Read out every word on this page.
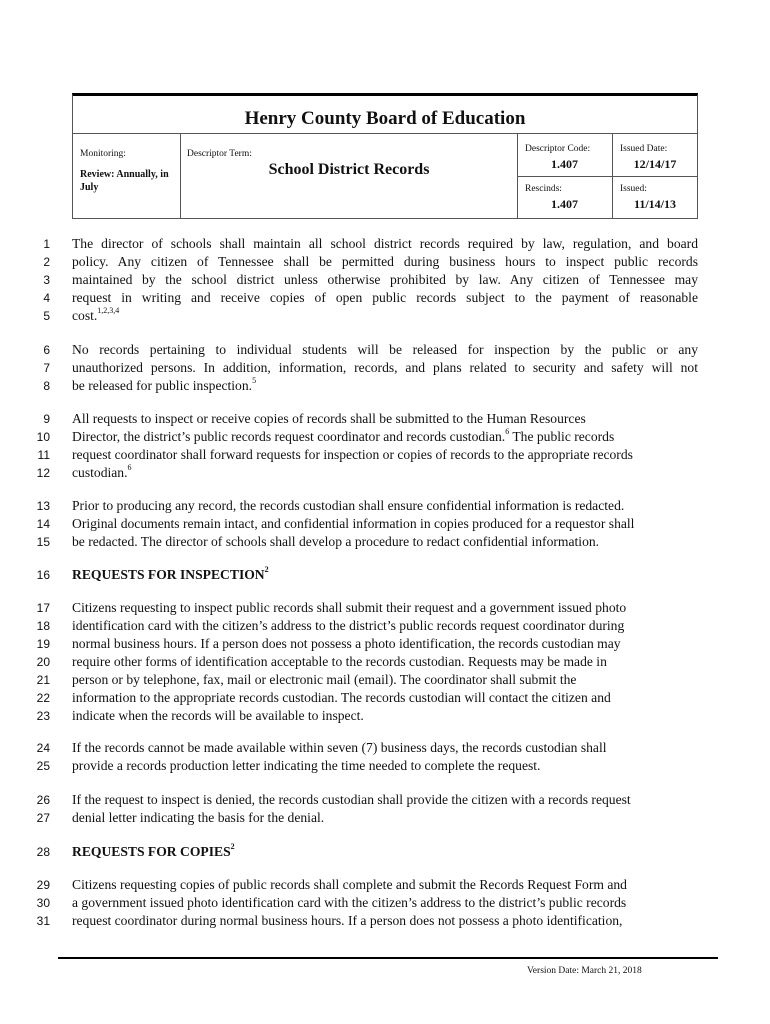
Henry County Board of Education
Monitoring:
Review: Annually, in July
Descriptor Term:
School District Records
Descriptor Code:
1.407
Issued Date:
12/14/17
Rescinds:
1.407
Issued:
11/14/13
1 The director of schools shall maintain all school district records required by law, regulation, and board
2 policy. Any citizen of Tennessee shall be permitted during business hours to inspect public records
3 maintained by the school district unless otherwise prohibited by law. Any citizen of Tennessee may
4 request in writing and receive copies of open public records subject to the payment of reasonable
5 cost.$^{1,2,3,4}$
6 No records pertaining to individual students will be released for inspection by the public or any
7 unauthorized persons. In addition, information, records, and plans related to security and safety will not
8 be released for public inspection.$^5$
9 All requests to inspect or receive copies of records shall be submitted to the Human Resources
10 Director, the district’s public records request coordinator and records custodian.$^6$ The public records
11 request coordinator shall forward requests for inspection or copies of records to the appropriate records
12 custodian.$^6$
13 Prior to producing any record, the records custodian shall ensure confidential information is redacted.
14 Original documents remain intact, and confidential information in copies produced for a requestor shall
15 be redacted. The director of schools shall develop a procedure to redact confidential information.
16 REQUESTS FOR INSPECTION$^2$
17 Citizens requesting to inspect public records shall submit their request and a government issued photo
18 identification card with the citizen’s address to the district’s public records request coordinator during
19 normal business hours. If a person does not possess a photo identification, the records custodian may
20 require other forms of identification acceptable to the records custodian. Requests may be made in
21 person or by telephone, fax, mail or electronic mail (email). The coordinator shall submit the
22 information to the appropriate records custodian. The records custodian will contact the citizen and
23 indicate when the records will be available to inspect.
24 If the records cannot be made available within seven (7) business days, the records custodian shall
25 provide a records production letter indicating the time needed to complete the request.
26 If the request to inspect is denied, the records custodian shall provide the citizen with a records request
27 denial letter indicating the basis for the denial.
28 REQUESTS FOR COPIES$^2$
29 Citizens requesting copies of public records shall complete and submit the Records Request Form and
30 a government issued photo identification card with the citizen’s address to the district’s public records
31 request coordinator during normal business hours. If a person does not possess a photo identification,
Version Date: March 21, 2018
